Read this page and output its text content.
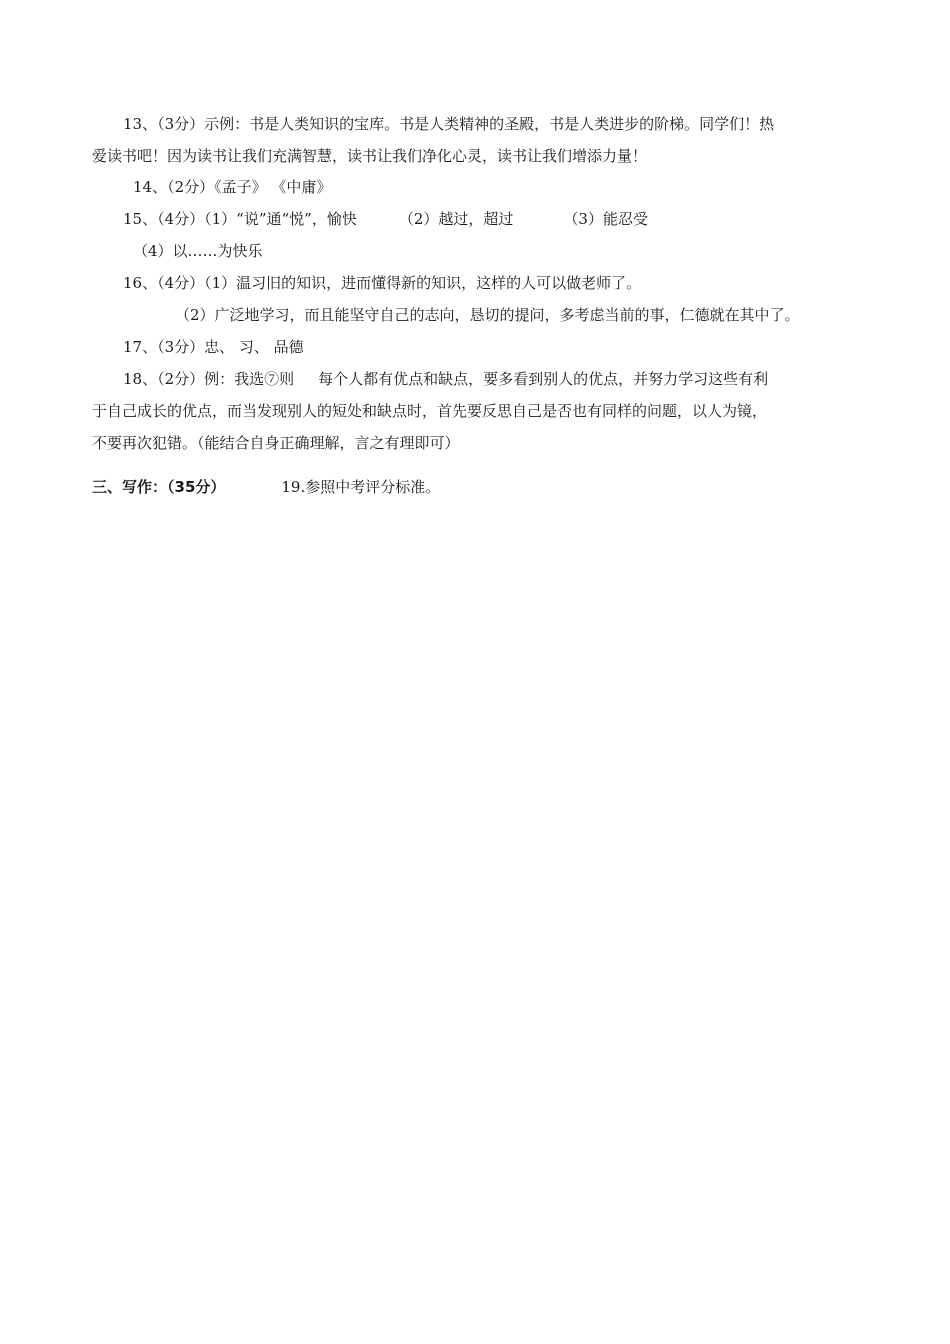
13、（3分）示例：书是人类知识的宝库。书是人类精神的圣殿，书是人类进步的阶梯。同学们！热
爱读书吧！因为读书让我们充满智慧，读书让我们净化心灵，读书让我们增添力量！
14、（2分）《孟子》 《中庸》
15、（4分）（1）“说”通“悦”，愉快	（2）越过，超过	（3）能忍受
（4）以……为快乐
16、（4分）（1）温习旧的知识，进而懂得新的知识，这样的人可以做老师了。
（2）广泛地学习，而且能坚守自己的志向，恳切的提问，多考虑当前的事，仁德就在其中了。
17、（3分）忠、 习、 品德
18、（2分）例：我选⑦则 每个人都有优点和缺点，要多看到别人的优点，并努力学习这些有利
于自己成长的优点，而当发现别人的短处和缺点时，首先要反思自己是否也有同样的问题，以人为镜，
不要再次犯错。（能结合自身正确理解，言之有理即可）
三、写作：（35分）	19.参照中考评分标准。
